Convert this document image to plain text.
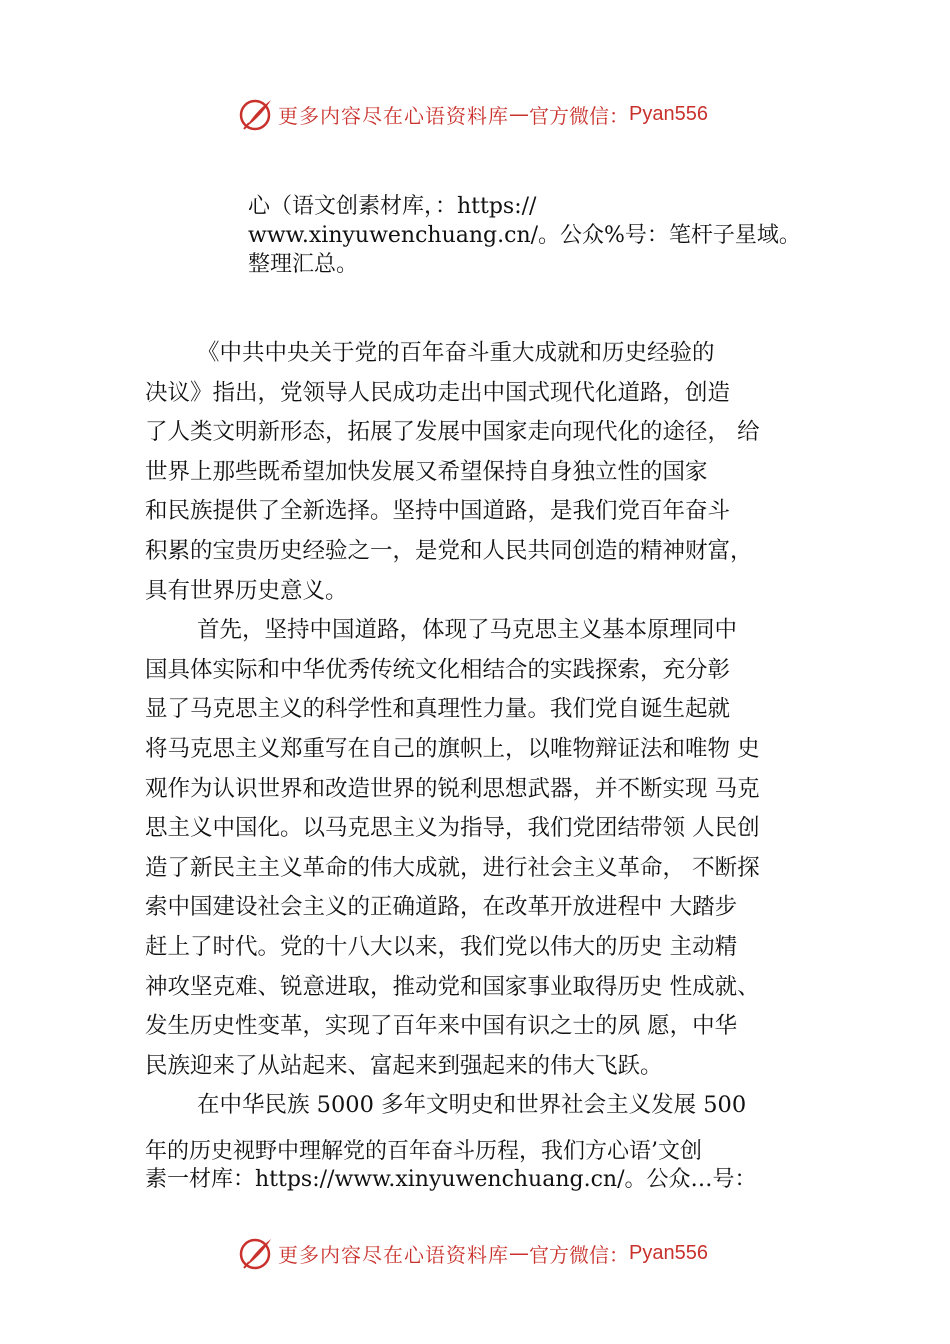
更多内容尽在心语资料库 — 官方微信： Pyan556
心（语文创素材库，：https://
www.xinyuwenchuang.cn/。公众%号：笔杆子星域。
整理汇总。
《中共中央关于党的百年奋斗重大成就和历史经验的
决议》指出，党领导人民成功走出中国式现代化道路，创造
了人类文明新形态，拓展了发展中国家走向现代化的途径， 给
世界上那些既希望加快发展又希望保持自身独立性的国家
和民族提供了全新选择。坚持中国道路，是我们党百年奋斗
积累的宝贵历史经验之一，是党和人民共同创造的精神财富，
具有世界历史意义。
首先，坚持中国道路，体现了马克思主义基本原理同中
国具体实际和中华优秀传统文化相结合的实践探索，充分彰
显了马克思主义的科学性和真理性力量。我们党自诞生起就
将马克思主义郑重写在自己的旗帜上，以唯物辩证法和唯物 史
观作为认识世界和改造世界的锐利思想武器，并不断实现 马克
思主义中国化。以马克思主义为指导，我们党团结带领 人民创
造了新民主主义革命的伟大成就，进行社会主义革命， 不断探
索中国建设社会主义的正确道路，在改革开放进程中 大踏步
赶上了时代。党的十八大以来，我们党以伟大的历史 主动精
神攻坚克难、锐意进取，推动党和国家事业取得历史 性成就、
发生历史性变革，实现了百年来中国有识之士的夙 愿，中华
民族迎来了从站起来、富起来到强起来的伟大飞跃。
在中华民族 5000 多年文明史和世界社会主义发展 500
年的历史视野中理解党的百年奋斗历程，我们方心语’文创
素一材库：https://www.xinyuwenchuang.cn/。公众…号：
更多内容尽在心语资料库 — 官方微信： Pyan556
